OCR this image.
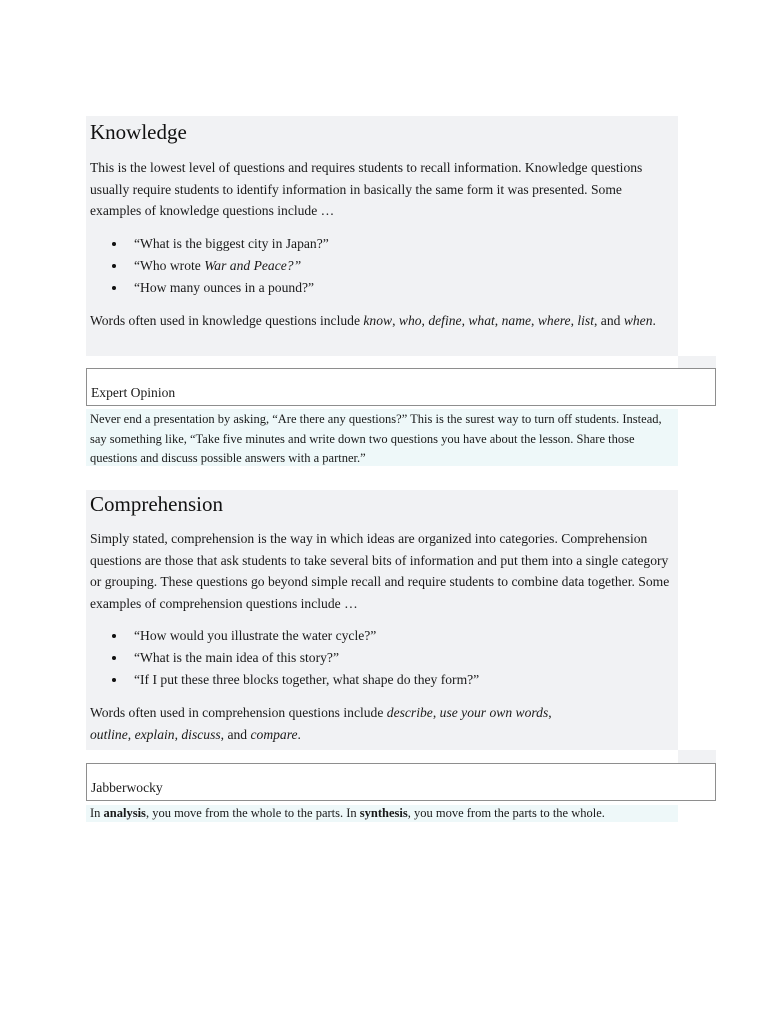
Knowledge

This is the lowest level of questions and requires students to recall information. Knowledge questions usually require students to identify information in basically the same form it was presented. Some examples of knowledge questions include …

“What is the biggest city in Japan?”
“Who wrote War and Peace?”
“How many ounces in a pound?”

Words often used in knowledge questions include know, who, define, what, name, where, list, and when.

Expert Opinion
Never end a presentation by asking, “Are there any questions?” This is the surest way to turn off students. Instead, say something like, “Take five minutes and write down two questions you have about the lesson. Share those questions and discuss possible answers with a partner.”
Comprehension

Simply stated, comprehension is the way in which ideas are organized into categories. Comprehension questions are those that ask students to take several bits of information and put them into a single category or grouping. These questions go beyond simple recall and require students to combine data together. Some examples of comprehension questions include …

“How would you illustrate the water cycle?”
“What is the main idea of this story?”
“If I put these three blocks together, what shape do they form?”

Words often used in comprehension questions include describe, use your own words, outline, explain, discuss, and compare.

Jabberwocky
In analysis, you move from the whole to the parts. In synthesis, you move from the parts to the whole.
